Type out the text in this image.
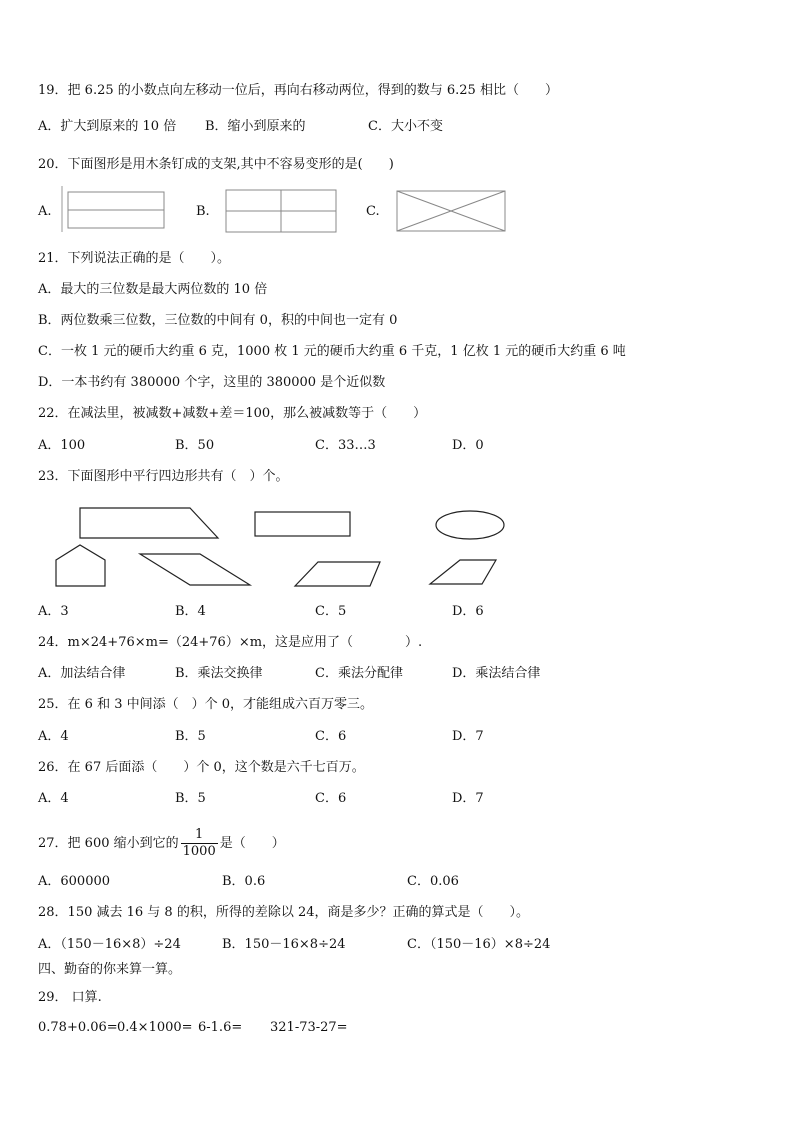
19．把 6.25 的小数点向左移动一位后，再向右移动两位，得到的数与 6.25 相比（　　）
A．扩大到原来的 10 倍 B．缩小到原来的	C．大小不变
20．下面图形是用木条钉成的支架,其中不容易变形的是(　　)
A.	B.	C.
21．下列说法正确的是（　　）。
A．最大的三位数是最大两位数的 10 倍
B．两位数乘三位数，三位数的中间有 0，积的中间也一定有 0
C．一枚 1 元的硬币大约重 6 克，1000 枚 1 元的硬币大约重 6 千克，1 亿枚 1 元的硬币大约重 6 吨
D．一本书约有 380000 个字，这里的 380000 是个近似数
22．在减法里，被减数+减数+差＝100，那么被减数等于（　　）
A．100	B．50	C．33…3	D．0
23．下面图形中平行四边形共有（　）个。
A．3	B．4	C．5	D．6
24．m×24+76×m=（24+76）×m，这是应用了（　　　　）.
A．加法结合律	B．乘法交换律	C．乘法分配律	D．乘法结合律
25．在 6 和 3 中间添（　）个 0，才能组成六百万零三。
A．4	B．5	C．6	D．7
26．在 67 后面添（　　）个 0，这个数是六千七百万。
A．4	B．5	C．6	D．7
27．把 600 缩小到它的 $\frac{1}{1000}$ 是（　　）
A．600000	B．0.6	C．0.06
28．150 减去 16 与 8 的积，所得的差除以 24，商是多少？正确的算式是（　　）。
A．（150－16×8）÷24	B．150－16×8÷24	C．（150－16）×8÷24
四、勤奋的你来算一算。
29． 口算.
0.78+0.06= 0.4×1000= 6-1.6= 321-73-27=
